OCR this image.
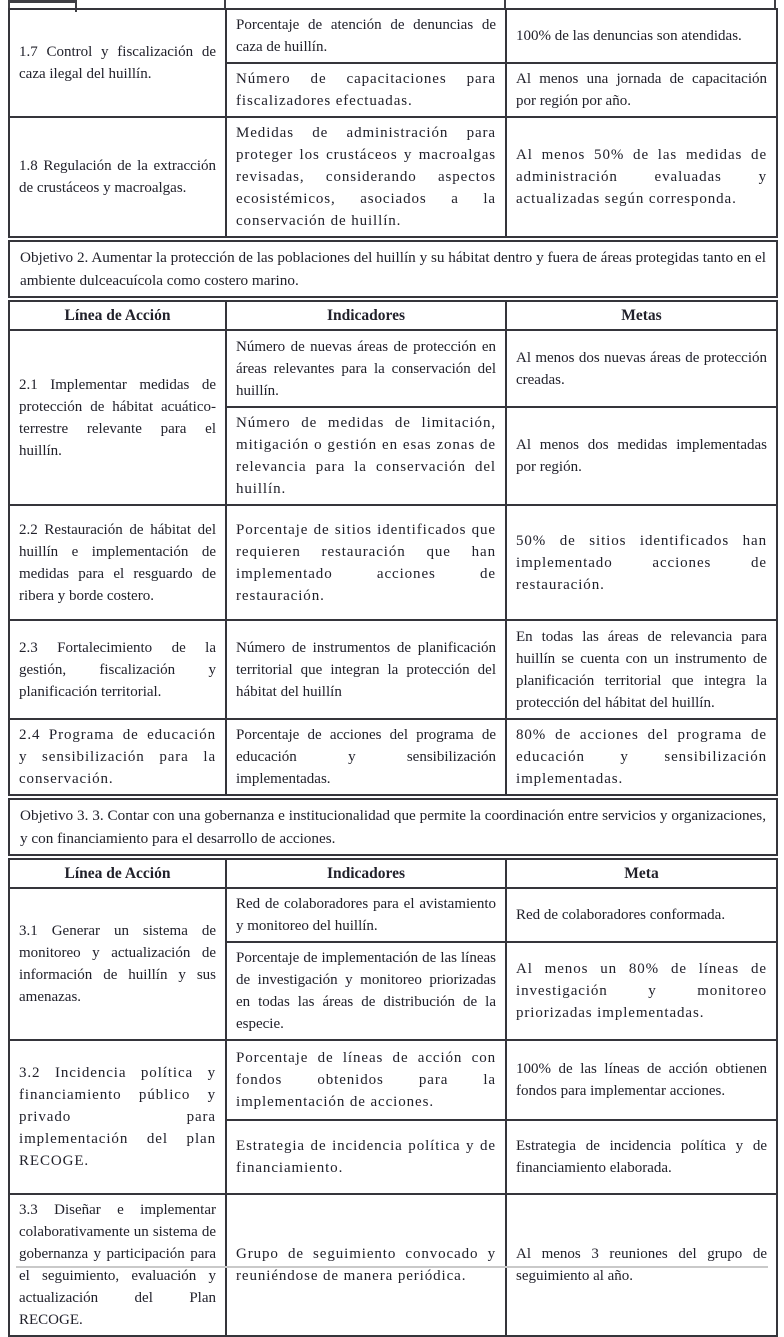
1.7 Control y fiscalización de caza ilegal del huillín.	Porcentaje de atención de denuncias de caza de huillín.	100% de las denuncias son atendidas.
	Número de capacitaciones para fiscalizadores efectuadas.	Al menos una jornada de capacitación por región por año.
1.8 Regulación de la extracción de crustáceos y macroalgas.	Medidas de administración para proteger los crustáceos y macroalgas revisadas, considerando aspectos ecosistémicos, asociados a la conservación de huillín.	Al menos 50% de las medidas de administración evaluadas y actualizadas según corresponda.
Objetivo 2. Aumentar la protección de las poblaciones del huillín y su hábitat dentro y fuera de áreas protegidas tanto en el ambiente dulceacuícola como costero marino.		
Línea de Acción	Indicadores	Metas
2.1 Implementar medidas de protección de hábitat acuático-terrestre relevante para el huillín.	Número de nuevas áreas de protección en áreas relevantes para la conservación del huillín.	Al menos dos nuevas áreas de protección creadas.
	Número de medidas de limitación, mitigación o gestión en esas zonas de relevancia para la conservación del huillín.	Al menos dos medidas implementadas por región.
2.2 Restauración de hábitat del huillín e implementación de medidas para el resguardo de ribera y borde costero.	Porcentaje de sitios identificados que requieren restauración que han implementado acciones de restauración.	50% de sitios identificados han implementado acciones de restauración.
2.3 Fortalecimiento de la gestión, fiscalización y planificación territorial.	Número de instrumentos de planificación territorial que integran la protección del hábitat del huillín	En todas las áreas de relevancia para huillín se cuenta con un instrumento de planificación territorial que integra la protección del hábitat del huillín.
2.4 Programa de educación y sensibilización para la conservación.	Porcentaje de acciones del programa de educación y sensibilización implementadas.	80% de acciones del programa de educación y sensibilización implementadas.
Objetivo 3. 3. Contar con una gobernanza e institucionalidad que permite la coordinación entre servicios y organizaciones, y con financiamiento para el desarrollo de acciones.		
Línea de Acción	Indicadores	Meta
3.1 Generar un sistema de monitoreo y actualización de información de huillín y sus amenazas.	Red de colaboradores para el avistamiento y monitoreo del huillín.	Red de colaboradores conformada.
	Porcentaje de implementación de las líneas de investigación y monitoreo priorizadas en todas las áreas de distribución de la especie.	Al menos un 80% de líneas de investigación y monitoreo priorizadas implementadas.
3.2 Incidencia política y financiamiento público y privado para implementación del plan RECOGE.	Porcentaje de líneas de acción con fondos obtenidos para la implementación de acciones.	100% de las líneas de acción obtienen fondos para implementar acciones.
	Estrategia de incidencia política y de financiamiento.	Estrategia de incidencia política y de financiamiento elaborada.
3.3 Diseñar e implementar colaborativamente un sistema de gobernanza y participación para el seguimiento, evaluación y actualización del Plan RECOGE.	Grupo de seguimiento convocado y reuniéndose de manera periódica.	Al menos 3 reuniones del grupo de seguimiento al año.
